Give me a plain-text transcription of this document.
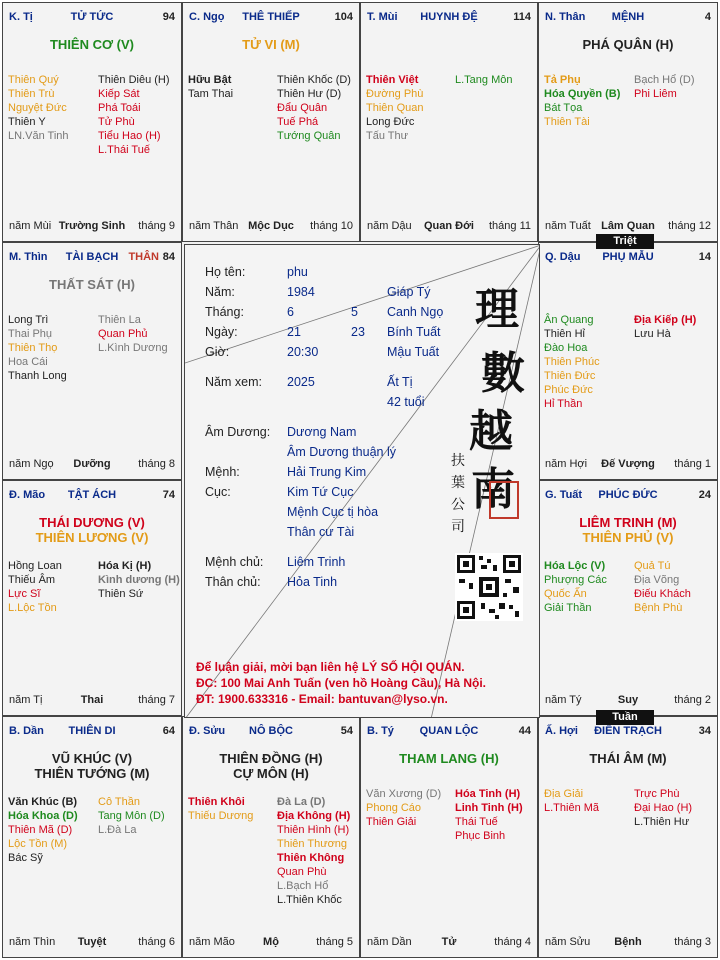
K. Tị	TỬ TỨC	94
THIÊN CƠ (V)
Thiên Quý
Thiên Trù
Nguyệt Đức
Thiên Y
LN.Văn Tinh
Thiên Diêu (H)
Kiếp Sát
Phá Toái
Tử Phù
Tiểu Hao (H)
L.Thái Tuế
năm Mùi Trường Sinh	tháng 9
C. Ngọ	THÊ THIẾP	104
TỬ VI (M)
Hữu Bật
Tam Thai
Thiên Khốc (D)
Thiên Hư (D)
Đẩu Quân
Tuế Phá
Tướng Quân
năm Thân Mộc Dục	tháng 10
T. Mùi	HUYNH ĐỆ	114
Thiên Việt
Đường Phù
Thiên Quan
Long Đức
Tấu Thư
L.Tang Môn
năm Dậu	Quan Đới	tháng 11
N. Thân	MỆNH	4
PHÁ QUÂN (H)
Tả Phụ
Hóa Quyền (B)
Bát Tọa
Thiên Tài
Bạch Hổ (D)
Phi Liêm
năm Tuất Lâm Quan	tháng 12
Q. Dậu	PHỤ MẪU	14
Ân Quang
Thiên Hỉ
Đào Hoa
Thiên Phúc
Thiên Đức
Phúc Đức
Hỉ Thần
Địa Kiếp (H)
Lưu Hà
năm Hợi	Đế Vượng	tháng 1
G. Tuất	PHÚC ĐỨC	24
LIÊM TRINH (M)
THIÊN PHỦ (V)
Hóa Lộc (V)
Phượng Các
Quốc Ấn
Giải Thần
Quả Tú
Địa Võng
Điếu Khách
Bệnh Phù
năm Tý	Suy	tháng 2
Ấ. Hợi	ĐIỀN TRẠCH	34
THÁI ÂM (M)
Địa Giải
L.Thiên Mã
Trực Phù
Đại Hao (H)
L.Thiên Hư
năm Sửu	Bệnh	tháng 3
B. Tý	QUAN LỘC	44
THAM LANG (H)
Văn Xương (D)
Phong Cáo
Thiên Giải
Hóa Tinh (H)
Linh Tinh (H)
Thái Tuế
Phục Binh
năm Dần	Tử	tháng 4
Đ. Sửu	NÔ BỘC	54
THIÊN ĐỒNG (H)
CỰ MÔN (H)
Thiên Khôi
Thiếu Dương
Đà La (D)
Địa Không (H)
Thiên Hình (H)
Thiên Thương
Thiên Không
Quan Phù
L.Bạch Hổ
L.Thiên Khốc
năm Mão	Mộ	tháng 5
B. Dần	THIÊN DI	64
VŨ KHÚC (V)
THIÊN TƯỚNG (M)
Văn Khúc (B)
Hóa Khoa (D)
Thiên Mã (D)
Lộc Tồn (M)
Bác Sỹ
Cô Thần
Tang Môn (D)
L.Đà La
năm Thìn	Tuyệt	tháng 6
Đ. Mão	TẬT ÁCH	74
THÁI DƯƠNG (V)
THIÊN LƯƠNG (V)
Hồng Loan
Thiếu Âm
Lực Sĩ
L.Lộc Tồn
Hóa Kị (H)
Kình dương (H)
Thiên Sứ
năm Tị	Thai	tháng 7
M. Thìn	TÀI BẠCH THÂN 84
THẤT SÁT (H)
Long Trì
Thai Phụ
Thiên Thọ
Hoa Cái
Thanh Long
Thiên La
Quan Phủ
L.Kình Dương
năm Ngọ	Dưỡng	tháng 8
Họ tên:	phu
Năm:	1984	Giáp Tý
Tháng:	6	5 Canh Ngọ
Ngày:	21	23 Bính Tuất
Giờ:	20:30	Mậu Tuất
Năm xem: 2025	Ất Tị
42 tuổi
Âm Dương: Dương Nam
Âm Dương thuận lý
Mệnh:	Hải Trung Kim
Cục:	Kim Tứ Cục
Mệnh Cục tị hòa
Thân cư Tài
Mệnh chủ: Liêm Trinh
Thân chủ: Hỏa Tinh
理
數
越
南
扶 葉 公 司
Để luận giải, mời bạn liên hệ LÝ SỐ HỘI QUÁN.
ĐC: 100 Mai Anh Tuấn (ven hồ Hoàng Cầu), Hà Nội.
ĐT: 1900.633316 - Email: bantuvan@lyso.vn.
Triệt
Tuần
